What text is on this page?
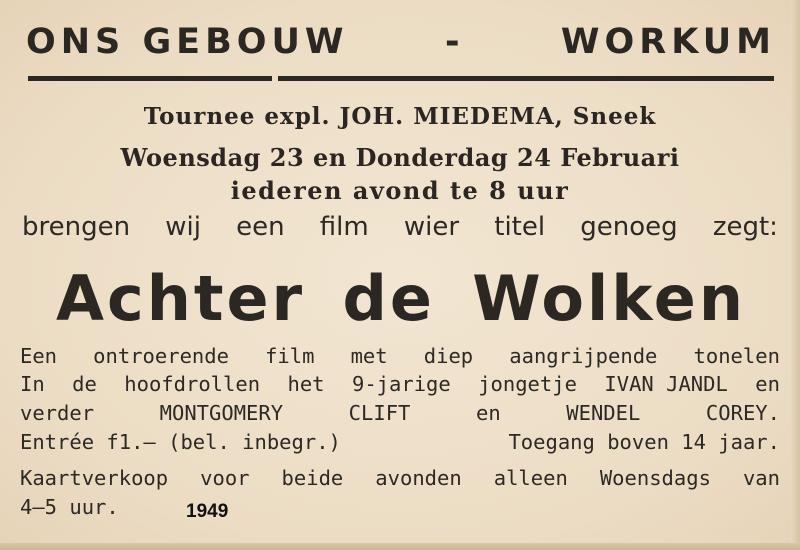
ONS GEBOUW	-	WORKUM
Tournee expl. JOH. MIEDEMA, Sneek
Woensdag 23 en Donderdag 24 Februari
iederen avond te 8 uur
brengen wij een film wier titel genoeg zegt:
Achter de Wolken
Een ontroerende film met diep aangrijpende tonelen
In de hoofdrollen het 9-jarige jongetje IVAN JANDL en
verder	MONTGOMERY	CLIFT	en	WENDEL	COREY.
Entrée f1.— (bel. inbegr.)	Toegang boven 14 jaar.
Kaartverkoop voor beide avonden alleen Woensdags van
4—5 uur.	1949
